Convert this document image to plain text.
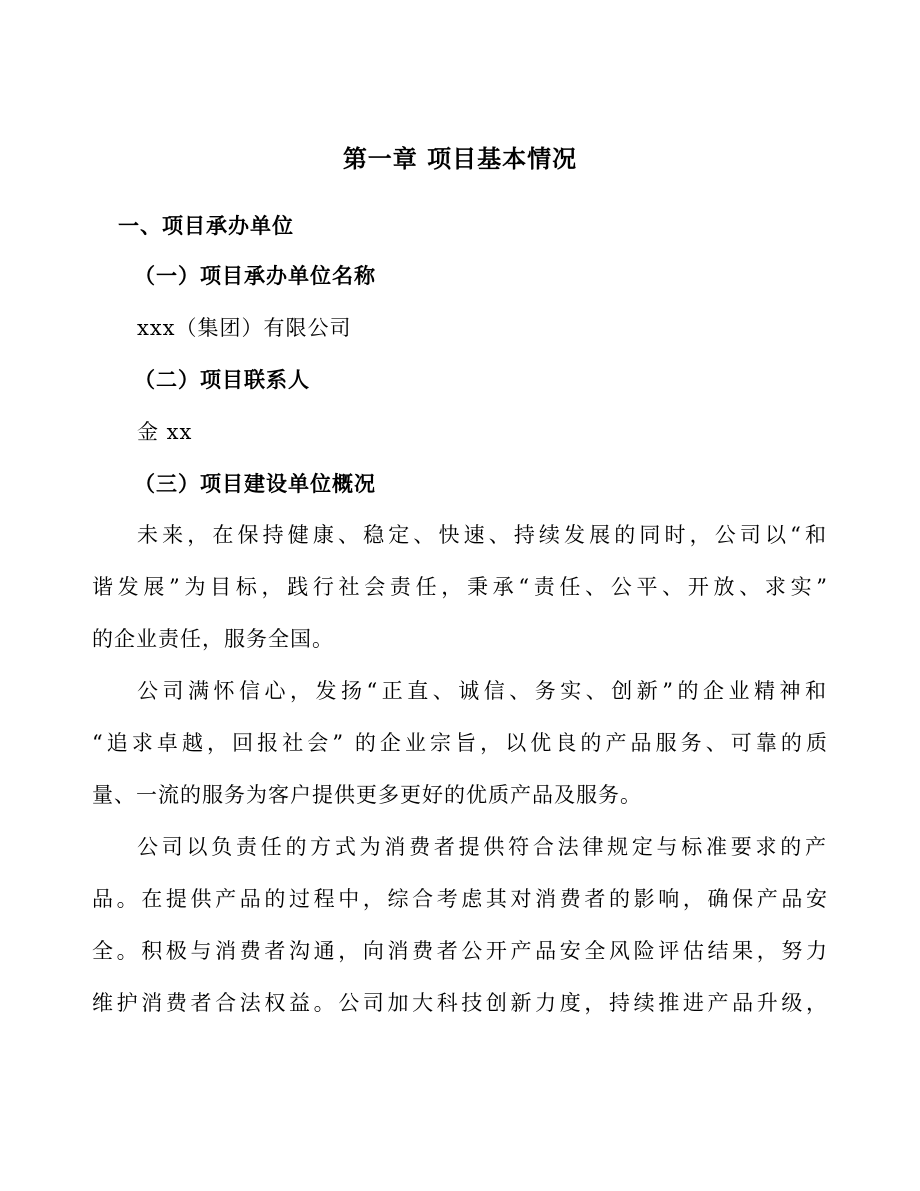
第一章 项目基本情况
一、项目承办单位
（一）项目承办单位名称
xxx（集团）有限公司
（二）项目联系人
金 xx
（三）项目建设单位概况
未来，在保持健康、稳定、快速、持续发展的同时，公司以“和
谐发展”为目标，践行社会责任，秉承“责任、公平、开放、求实”
的企业责任，服务全国。
公司满怀信心，发扬“正直、诚信、务实、创新”的企业精神和
“追求卓越，回报社会” 的企业宗旨，以优良的产品服务、可靠的质
量、一流的服务为客户提供更多更好的优质产品及服务。
公司以负责任的方式为消费者提供符合法律规定与标准要求的产
品。在提供产品的过程中，综合考虑其对消费者的影响，确保产品安
全。积极与消费者沟通，向消费者公开产品安全风险评估结果，努力
维护消费者合法权益。公司加大科技创新力度，持续推进产品升级，
